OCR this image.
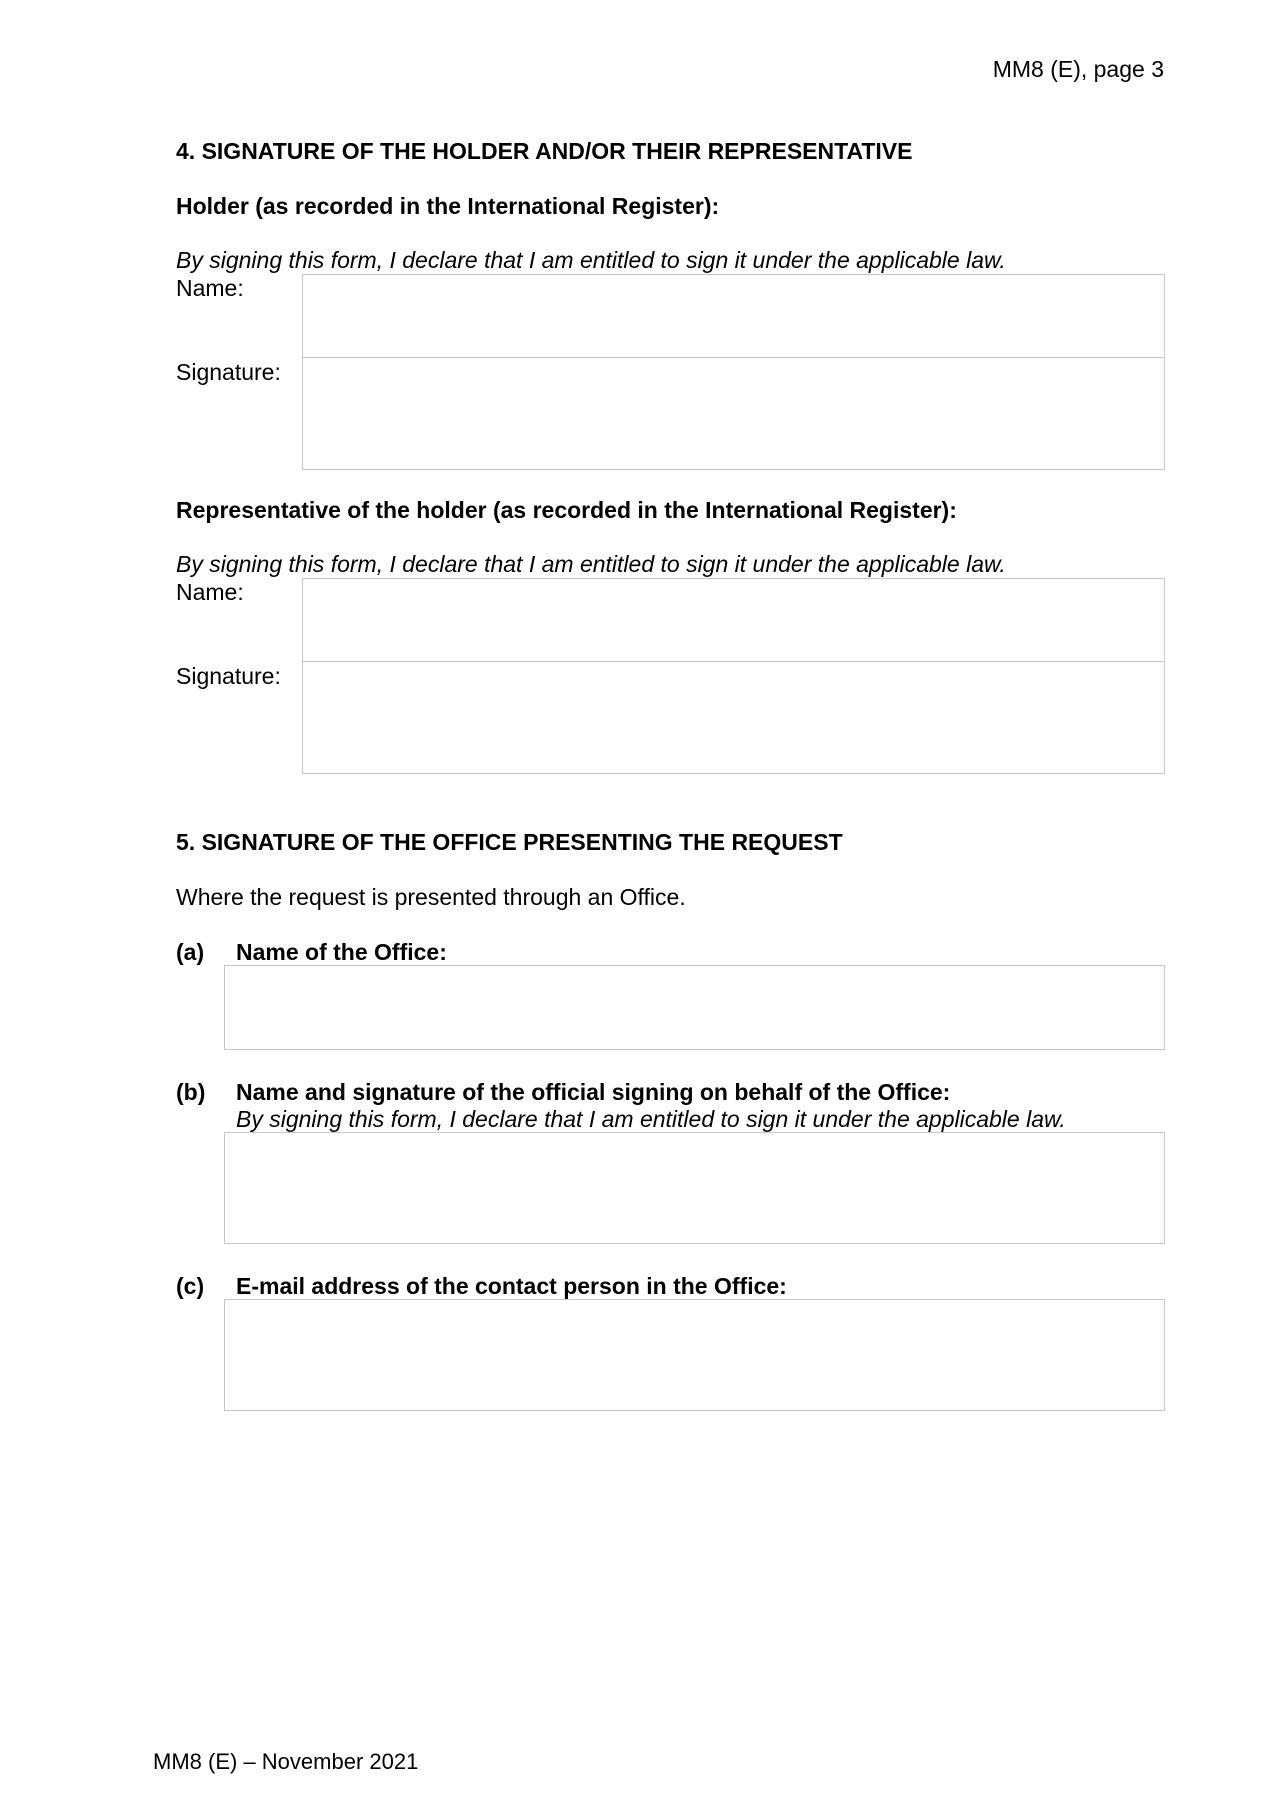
MM8 (E), page 3
4. SIGNATURE OF THE HOLDER AND/OR THEIR REPRESENTATIVE
Holder (as recorded in the International Register):
By signing this form, I declare that I am entitled to sign it under the applicable law.
Name:
Signature:
Representative of the holder (as recorded in the International Register):
By signing this form, I declare that I am entitled to sign it under the applicable law.
Name:
Signature:
5. SIGNATURE OF THE OFFICE PRESENTING THE REQUEST
Where the request is presented through an Office.
(a) Name of the Office:
(b) Name and signature of the official signing on behalf of the Office:
By signing this form, I declare that I am entitled to sign it under the applicable law.
(c) E-mail address of the contact person in the Office:
MM8 (E) – November 2021
